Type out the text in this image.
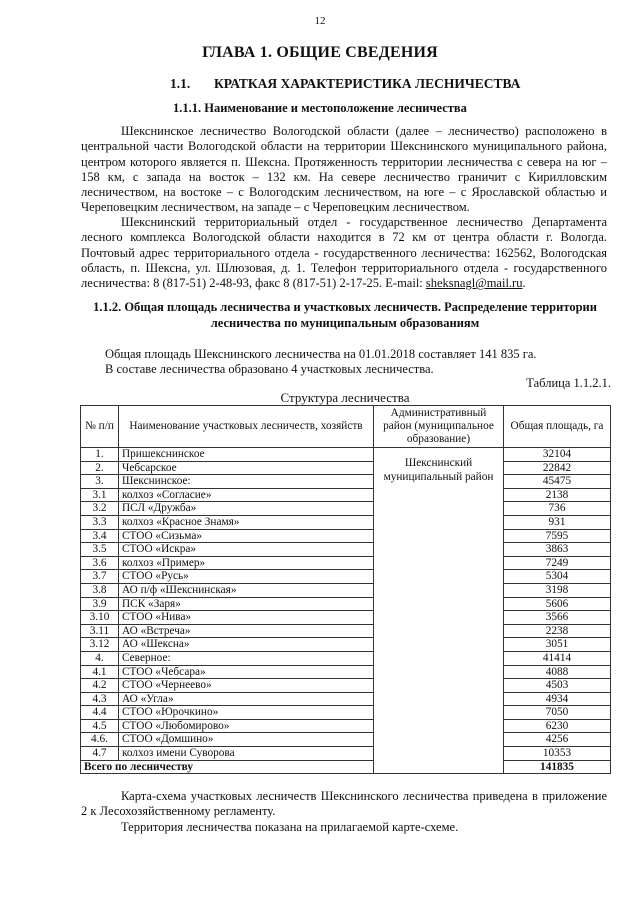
12
ГЛАВА 1. ОБЩИЕ СВЕДЕНИЯ
1.1. КРАТКАЯ ХАРАКТЕРИСТИКА ЛЕСНИЧЕСТВА
1.1.1. Наименование и местоположение лесничества
Шекснинское лесничество Вологодской области (далее – лесничество) расположено в центральной части Вологодской области на территории Шекснинского муниципального района, центром которого является п. Шексна. Протяженность территории лесничества с севера на юг – 158 км, с запада на восток – 132 км. На севере лесничество граничит с Кирилловским лесничеством, на востоке – с Вологодским лесничеством, на юге – с Ярославской областью и Череповецким лесничеством, на западе – с Череповецким лесничеством.
Шекснинский территориальный отдел - государственное лесничество Департамента лесного комплекса Вологодской области находится в 72 км от центра области г. Вологда. Почтовый адрес территориального отдела - государственного лесничества: 162562, Вологодская область, п. Шексна, ул. Шлюзовая, д. 1. Телефон территориального отдела - государственного лесничества: 8 (817-51) 2-48-93, факс 8 (817-51) 2-17-25. E-mail: sheksnagl@mail.ru.
1.1.2. Общая площадь лесничества и участковых лесничеств. Распределение территории лесничества по муниципальным образованиям
Общая площадь Шекснинского лесничества на 01.01.2018 составляет 141 835 га.
В составе лесничества образовано 4 участковых лесничества.
Таблица 1.1.2.1.
Структура лесничества
№ п/п	Наименование участковых лесничеств, хозяйств	Административный район (муниципальное образование)	Общая площадь, га
1.	Пришекснинское	Шекснинский муниципальный район	32104
2.	Чебсарское		22842
3.	Шекснинское:		45475
3.1	колхоз «Согласие»		2138
3.2	ПСЛ «Дружба»		736
3.3	колхоз «Красное Знамя»		931
3.4	СТОО «Сизьма»		7595
3.5	СТОО «Искра»		3863
3.6	колхоз «Пример»		7249
3.7	СТОО «Русь»		5304
3.8	АО п/ф «Шекснинская»		3198
3.9	ПСК «Заря»		5606
3.10	СТОО «Нива»		3566
3.11	АО «Встреча»		2238
3.12	АО «Шексна»		3051
4.	Северное:		41414
4.1	СТОО «Чебсара»		4088
4.2	СТОО «Чернеево»		4503
4.3	АО «Угла»		4934
4.4	СТОО «Юрочкино»		7050
4.5	СТОО «Любомирово»		6230
4.6.	СТОО «Домшино»		4256
4.7	колхоз имени Суворова		10353
Всего по лесничеству			141835
Карта-схема участковых лесничеств Шекснинского лесничества приведена в приложение 2 к Лесохозяйственному регламенту.
Территория лесничества показана на прилагаемой карте-схеме.
